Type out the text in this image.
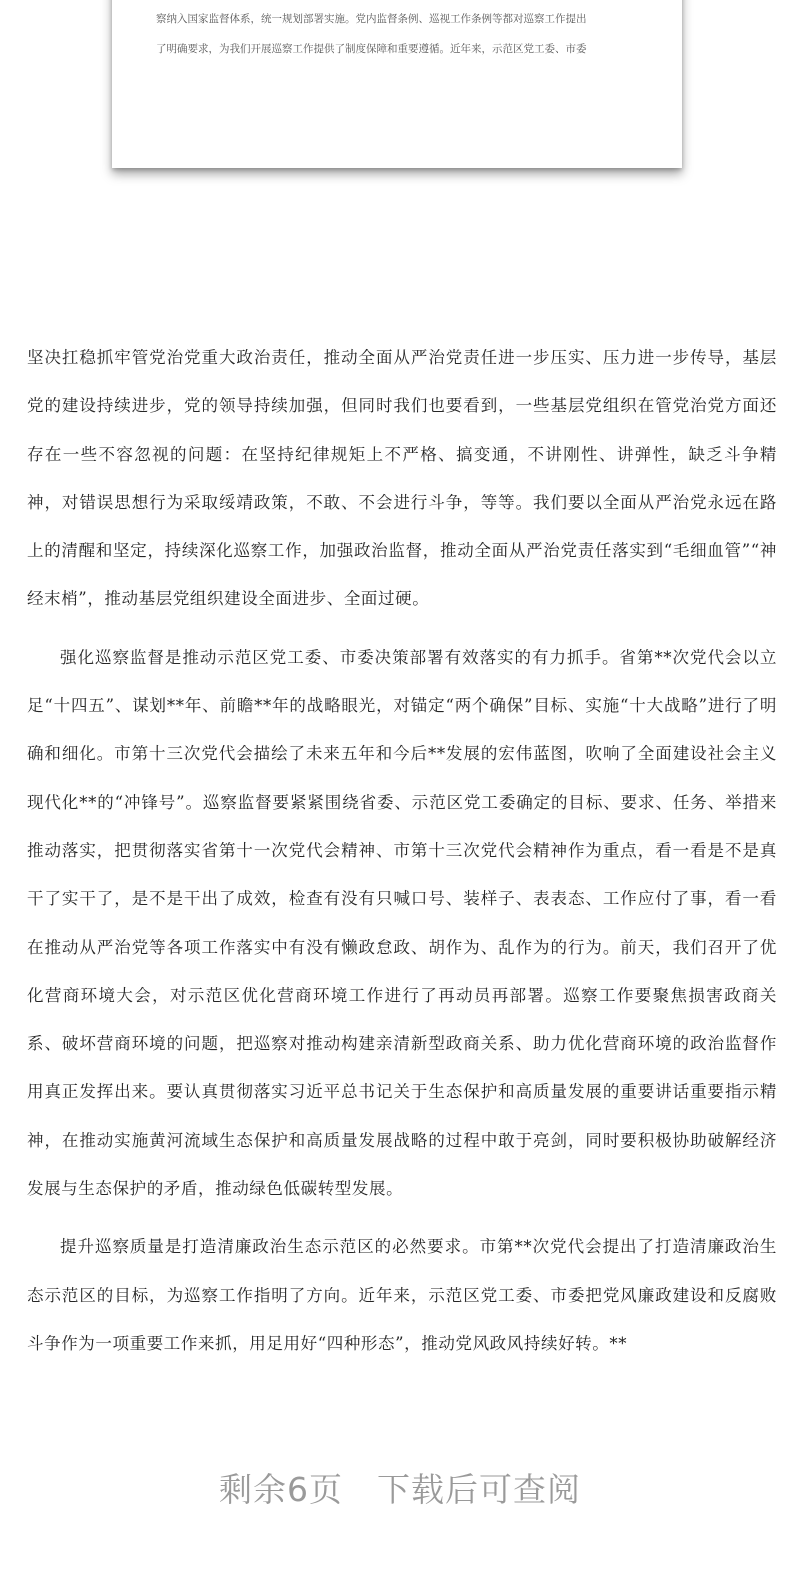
察纳入国家监督体系，统一规划部署实施。党内监督条例、巡视工作条例等都对巡察工作提出
了明确要求，为我们开展巡察工作提供了制度保障和重要遵循。近年来，示范区党工委、市委

坚决扛稳抓牢管党治党重大政治责任，推动全面从严治党责任进一步压实、压力进一步传导，基层党的建设持续进步，党的领导持续加强，但同时我们也要看到，一些基层党组织在管党治党方面还存在一些不容忽视的问题：在坚持纪律规矩上不严格、搞变通，不讲刚性、讲弹性，缺乏斗争精神，对错误思想行为采取绥靖政策，不敢、不会进行斗争，等等。我们要以全面从严治党永远在路上的清醒和坚定，持续深化巡察工作，加强政治监督，推动全面从严治党责任落实到“毛细血管”“神经末梢”，推动基层党组织建设全面进步、全面过硬。

强化巡察监督是推动示范区党工委、市委决策部署有效落实的有力抓手。省第**次党代会以立足“十四五”、谋划**年、前瞻**年的战略眼光，对锚定“两个确保”目标、实施“十大战略”进行了明确和细化。市第十三次党代会描绘了未来五年和今后**发展的宏伟蓝图，吹响了全面建设社会主义现代化**的“冲锋号”。巡察监督要紧紧围绕省委、示范区党工委确定的目标、要求、任务、举措来推动落实，把贯彻落实省第十一次党代会精神、市第十三次党代会精神作为重点，看一看是不是真干了实干了，是不是干出了成效，检查有没有只喊口号、装样子、表表态、工作应付了事，看一看在推动从严治党等各项工作落实中有没有懒政怠政、胡作为、乱作为的行为。前天，我们召开了优化营商环境大会，对示范区优化营商环境工作进行了再动员再部署。巡察工作要聚焦损害政商关系、破坏营商环境的问题，把巡察对推动构建亲清新型政商关系、助力优化营商环境的政治监督作用真正发挥出来。要认真贯彻落实习近平总书记关于生态保护和高质量发展的重要讲话重要指示精神，在推动实施黄河流域生态保护和高质量发展战略的过程中敢于亮剑，同时要积极协助破解经济发展与生态保护的矛盾，推动绿色低碳转型发展。

提升巡察质量是打造清廉政治生态示范区的必然要求。市第**次党代会提出了打造清廉政治生态示范区的目标，为巡察工作指明了方向。近年来，示范区党工委、市委把党风廉政建设和反腐败斗争作为一项重要工作来抓，用足用好“四种形态”，推动党风政风持续好转。**

剩余6页 下载后可查阅
